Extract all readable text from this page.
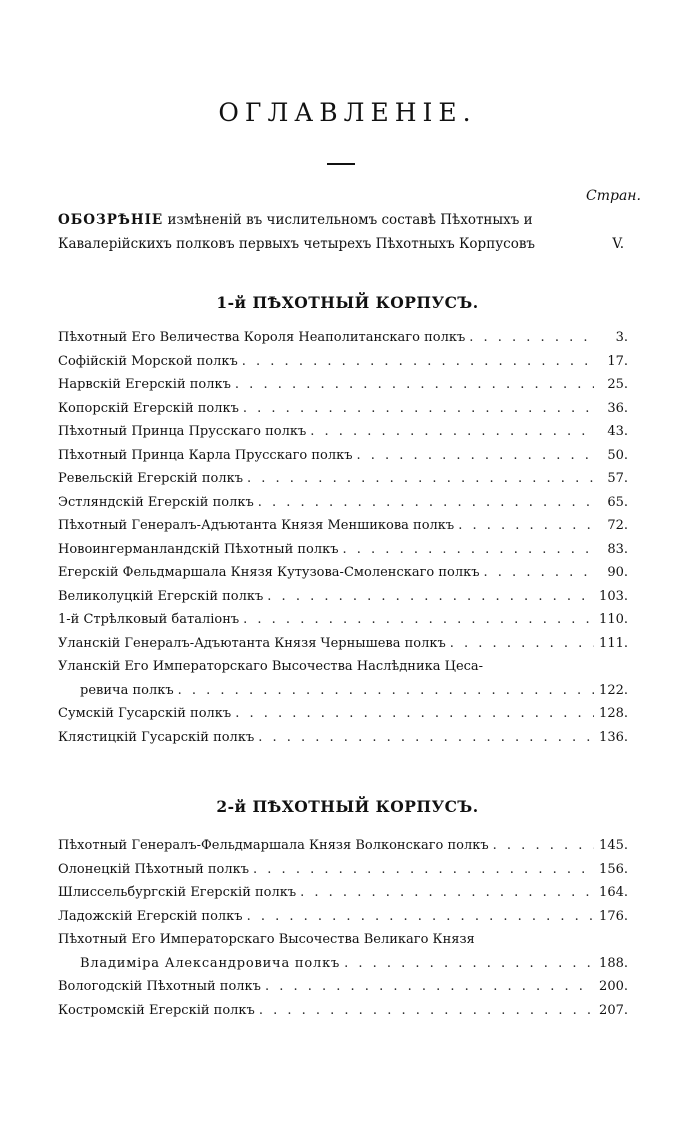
ОГЛАВЛЕНІЕ.
Стран.
ОБОЗРѢНІЕ измѣненій въ числительномъ составѣ Пѣхотныхъ и
Кавалерійскихъ полковъ первыхъ четырехъ Пѣхотныхъ Корпусовъ	V.
1-й ПѢХОТНЫЙ КОРПУСЪ.
Пѣхотный Его Величества Короля Неаполитанскаго полкъ . . .	3.
Софійскій Морской полкъ . . .	17.
Нарвскій Егерскій полкъ . . .	25.
Копорскій Егерскій полкъ . . .	36.
Пѣхотный Принца Прусскаго полкъ . . .	43.
Пѣхотный Принца Карла Прусскаго полкъ . . .	50.
Ревельскій Егерскій полкъ . . .	57.
Эстляндскій Егерскій полкъ . . .	65.
Пѣхотный Генералъ-Адъютанта Князя Меншикова полкъ . . .	72.
Новоингерманландскій Пѣхотный полкъ . . .	83.
Егерскій Фельдмаршала Князя Кутузова-Смоленскаго полкъ . . .	90.
Великолуцкій Егерскій полкъ . . .	103.
1-й Стрѣлковый баталіонъ . . .	110.
Уланскій Генералъ-Адъютанта Князя Чернышева полкъ . . .	111.
Уланскій Его Императорскаго Высочества Наслѣдника Цеса-
ревича полкъ . . .	122.
Сумскій Гусарскій полкъ . . .	128.
Клястицкій Гусарскій полкъ . . .	136.
2-й ПѢХОТНЫЙ КОРПУСЪ.
Пѣхотный Генералъ-Фельдмаршала Князя Волконскаго полкъ . . .	145.
Олонецкій Пѣхотный полкъ . . .	156.
Шлиссельбургскій Егерскій полкъ . . .	164.
Ладожскій Егерскій полкъ . . .	176.
Пѣхотный Его Императорскаго Высочества Великаго Князя
Владиміра Александровича полкъ . . .	188.
Вологодскій Пѣхотный полкъ . . .	200.
Костромскій Егерскій полкъ . . .	207.
